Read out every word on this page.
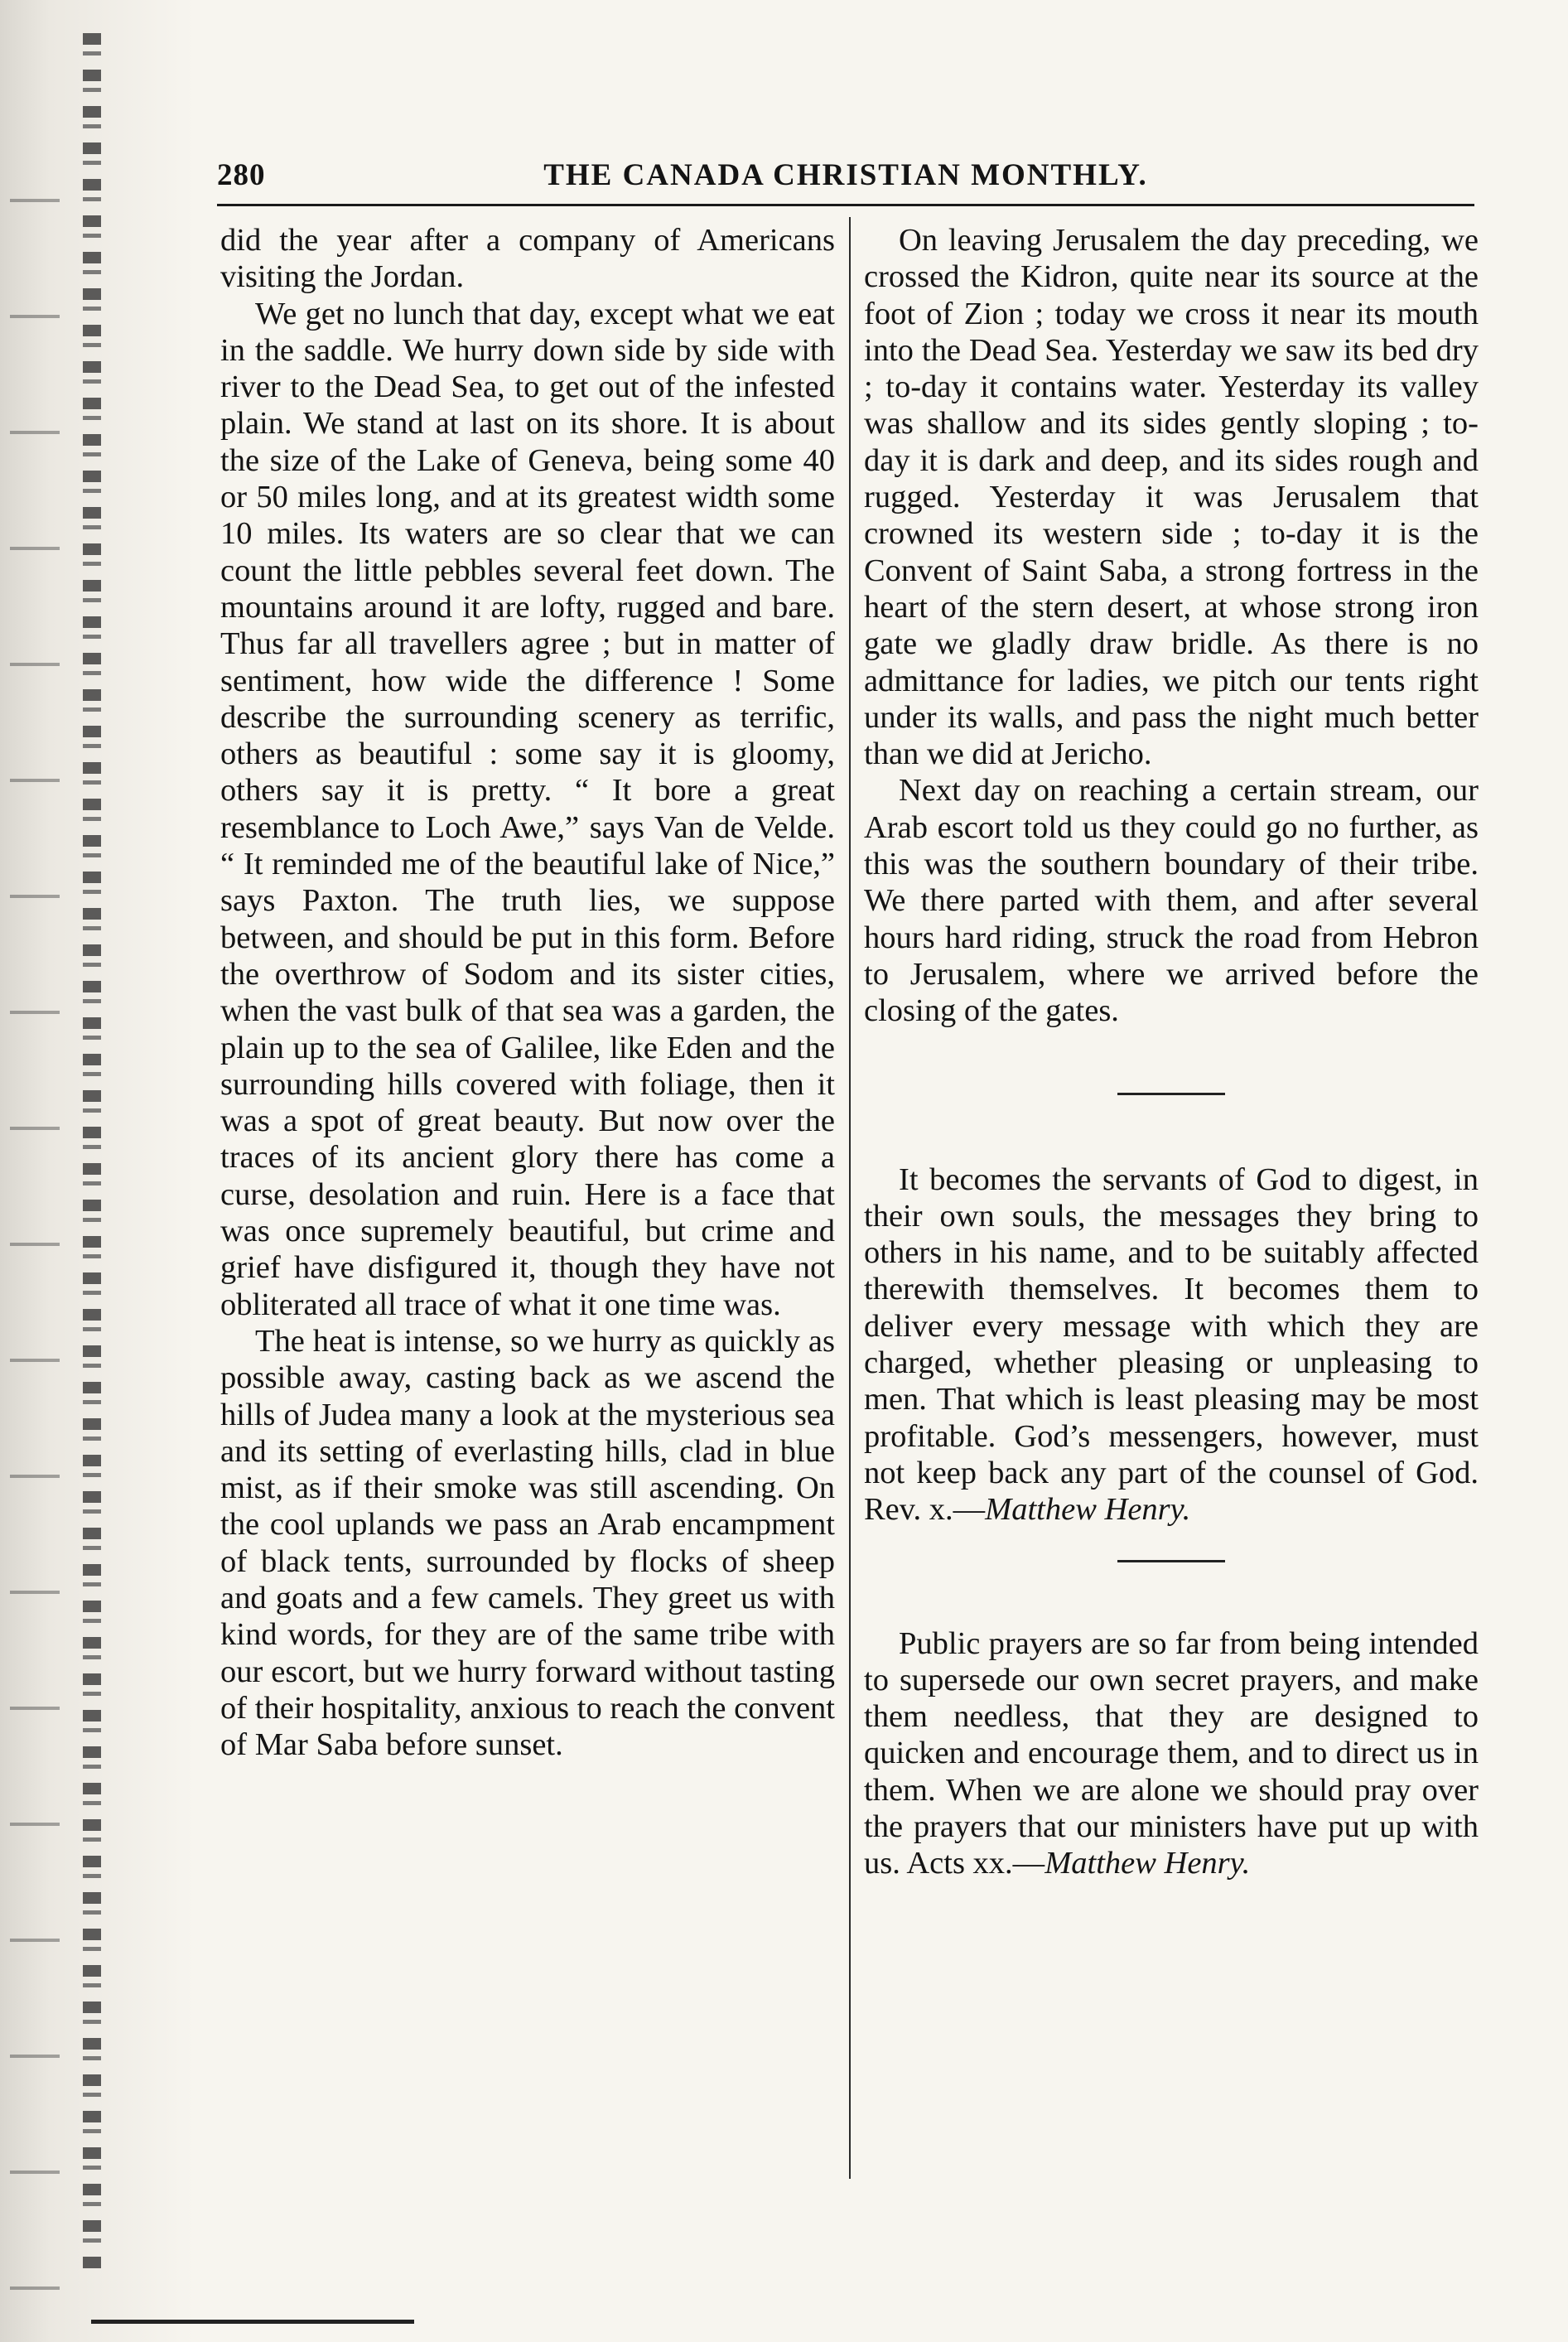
280	THE CANADA CHRISTIAN MONTHLY.

did the year after a company of Americans visiting the Jordan.

We get no lunch that day, except what we eat in the saddle. We hurry down side by side with river to the Dead Sea, to get out of the infested plain. We stand at last on its shore. It is about the size of the Lake of Geneva, being some 40 or 50 miles long, and at its greatest width some 10 miles. Its waters are so clear that we can count the little pebbles several feet down. The mountains around it are lofty, rugged and bare. Thus far all travellers agree ; but in matter of sentiment, how wide the difference ! Some describe the surrounding scenery as terrific, others as beautiful : some say it is gloomy, others say it is pretty. “ It bore a great resemblance to Loch Awe,” says Van de Velde. “ It reminded me of the beautiful lake of Nice,” says Paxton. The truth lies, we suppose between, and should be put in this form. Before the overthrow of Sodom and its sister cities, when the vast bulk of that sea was a garden, the plain up to the sea of Galilee, like Eden and the surrounding hills covered with foliage, then it was a spot of great beauty. But now over the traces of its ancient glory there has come a curse, desolation and ruin. Here is a face that was once supremely beautiful, but crime and grief have disfigured it, though they have not obliterated all trace of what it one time was.

The heat is intense, so we hurry as quickly as possible away, casting back as we ascend the hills of Judea many a look at the mysterious sea and its setting of everlasting hills, clad in blue mist, as if their smoke was still ascending. On the cool uplands we pass an Arab encampment of black tents, surrounded by flocks of sheep and goats and a few camels. They greet us with kind words, for they are of the same tribe with our escort, but we hurry forward without tasting of their hospitality, anxious to reach the convent of Mar Saba before sunset.

On leaving Jerusalem the day preceding, we crossed the Kidron, quite near its source at the foot of Zion ; today we cross it near its mouth into the Dead Sea. Yesterday we saw its bed dry ; to-day it contains water. Yesterday its valley was shallow and its sides gently sloping ; to-day it is dark and deep, and its sides rough and rugged. Yesterday it was Jerusalem that crowned its western side ; to-day it is the Convent of Saint Saba, a strong fortress in the heart of the stern desert, at whose strong iron gate we gladly draw bridle. As there is no admittance for ladies, we pitch our tents right under its walls, and pass the night much better than we did at Jericho.

Next day on reaching a certain stream, our Arab escort told us they could go no further, as this was the southern boundary of their tribe. We there parted with them, and after several hours hard riding, struck the road from Hebron to Jerusalem, where we arrived before the closing of the gates.

It becomes the servants of God to digest, in their own souls, the messages they bring to others in his name, and to be suitably affected therewith themselves. It becomes them to deliver every message with which they are charged, whether pleasing or unpleasing to men. That which is least pleasing may be most profitable. God’s messengers, however, must not keep back any part of the counsel of God. Rev. x.—Matthew Henry.

Public prayers are so far from being intended to supersede our own secret prayers, and make them needless, that they are designed to quicken and encourage them, and to direct us in them. When we are alone we should pray over the prayers that our ministers have put up with us. Acts xx.—Matthew Henry.
